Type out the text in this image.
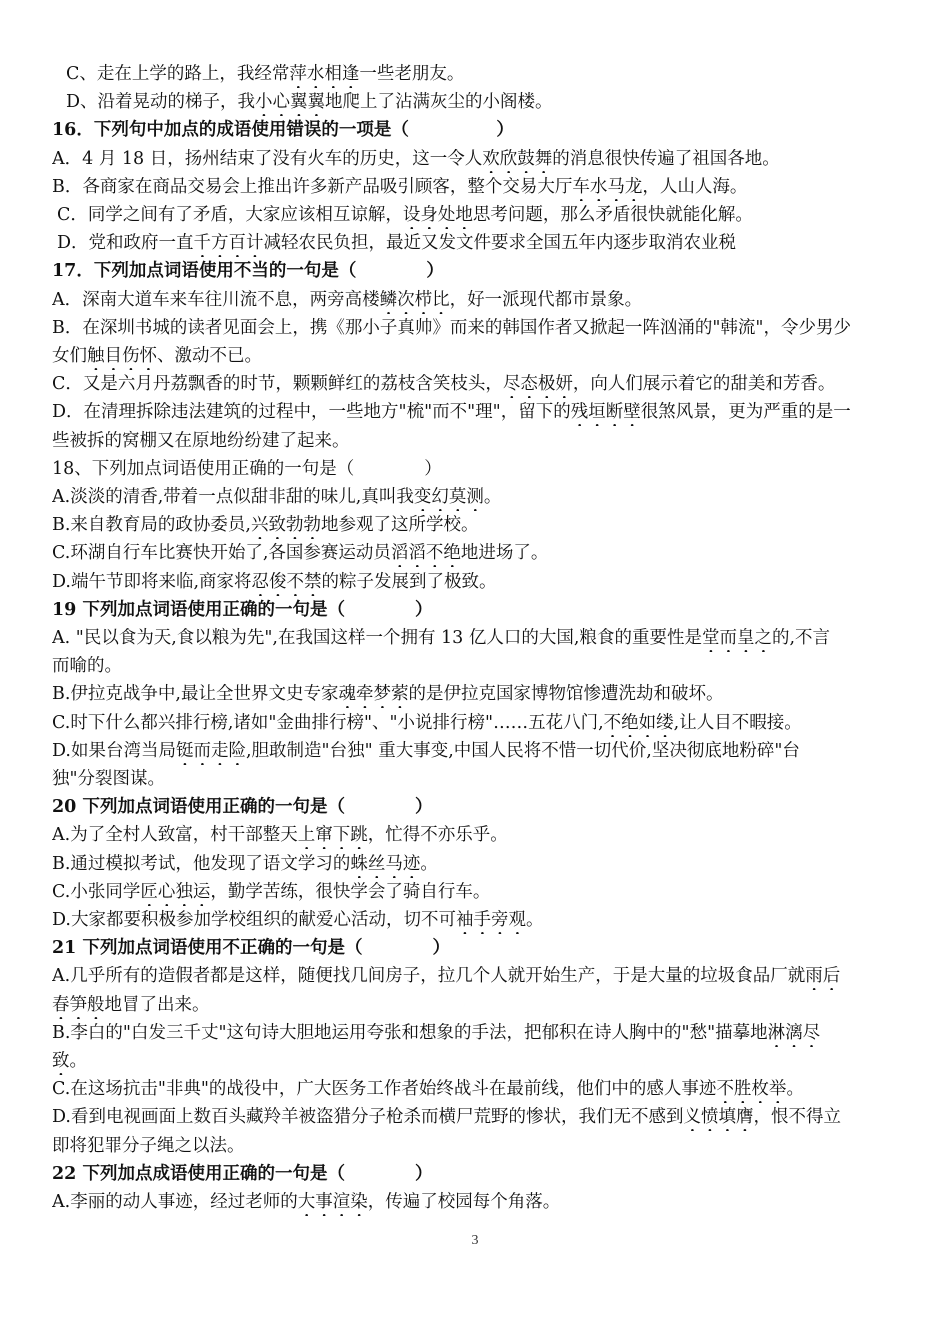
C、走在上学的路上，我经常萍水相逢一些老朋友。
D、沿着晃动的梯子，我小心翼翼地爬上了沾满灰尘的小阁楼。
16．下列句中加点的成语使用错误的一项是（　　　　　）
A．4 月 18 日，扬州结束了没有火车的历史，这一令人欢欣鼓舞的消息很快传遍了祖国各地。
B．各商家在商品交易会上推出许多新产品吸引顾客，整个交易大厅车水马龙，人山人海。
C．同学之间有了矛盾，大家应该相互谅解，设身处地思考问题，那么矛盾很快就能化解。
D．党和政府一直千方百计减轻农民负担，最近又发文件要求全国五年内逐步取消农业税
17．下列加点词语使用不当的一句是（　　　　）
A．深南大道车来车往川流不息，两旁高楼鳞次栉比，好一派现代都市景象。
B．在深圳书城的读者见面会上，携《那小子真帅》而来的韩国作者又掀起一阵汹涌的"韩流"，令少男少
女们触目伤怀、激动不已。
C．又是六月丹荔飘香的时节，颗颗鲜红的荔枝含笑枝头，尽态极妍，向人们展示着它的甜美和芳香。
D．在清理拆除违法建筑的过程中，一些地方"梳"而不"理"，留下的残垣断壁很煞风景，更为严重的是一
些被拆的窝棚又在原地纷纷建了起来。
18、下列加点词语使用正确的一句是（　　　　）
A.淡淡的清香,带着一点似甜非甜的味儿,真叫我变幻莫测。
B.来自教育局的政协委员,兴致勃勃地参观了这所学校。
C.环湖自行车比赛快开始了,各国参赛运动员滔滔不绝地进场了。
D.端午节即将来临,商家将忍俊不禁的粽子发展到了极致。
19 下列加点词语使用正确的一句是（　　　　）
A. "民以食为天,食以粮为先",在我国这样一个拥有 13 亿人口的大国,粮食的重要性是堂而皇之的,不言
而喻的。
B.伊拉克战争中,最让全世界文史专家魂牵梦萦的是伊拉克国家博物馆惨遭洗劫和破坏。
C.时下什么都兴排行榜,诸如"金曲排行榜"、"小说排行榜"……五花八门,不绝如缕,让人目不暇接。
D.如果台湾当局铤而走险,胆敢制造"台独" 重大事变,中国人民将不惜一切代价,坚决彻底地粉碎"台
独"分裂图谋。
20 下列加点词语使用正确的一句是（　　　　）
A.为了全村人致富，村干部整天上窜下跳，忙得不亦乐乎。
B.通过模拟考试，他发现了语文学习的蛛丝马迹。
C.小张同学匠心独运，勤学苦练，很快学会了骑自行车。
D.大家都要积极参加学校组织的献爱心活动，切不可袖手旁观。
21 下列加点词语使用不正确的一句是（　　　　）
A.几乎所有的造假者都是这样，随便找几间房子，拉几个人就开始生产，于是大量的垃圾食品厂就雨后
春笋般地冒了出来。
B.李白的"白发三千丈"这句诗大胆地运用夸张和想象的手法，把郁积在诗人胸中的"愁"描摹地淋漓尽
致。
C.在这场抗击"非典"的战役中，广大医务工作者始终战斗在最前线，他们中的感人事迹不胜枚举。
D.看到电视画面上数百头藏羚羊被盗猎分子枪杀而横尸荒野的惨状，我们无不感到义愤填膺，恨不得立
即将犯罪分子绳之以法。
22 下列加点成语使用正确的一句是（　　　　）
A.李丽的动人事迹，经过老师的大事渲染，传遍了校园每个角落。
3
